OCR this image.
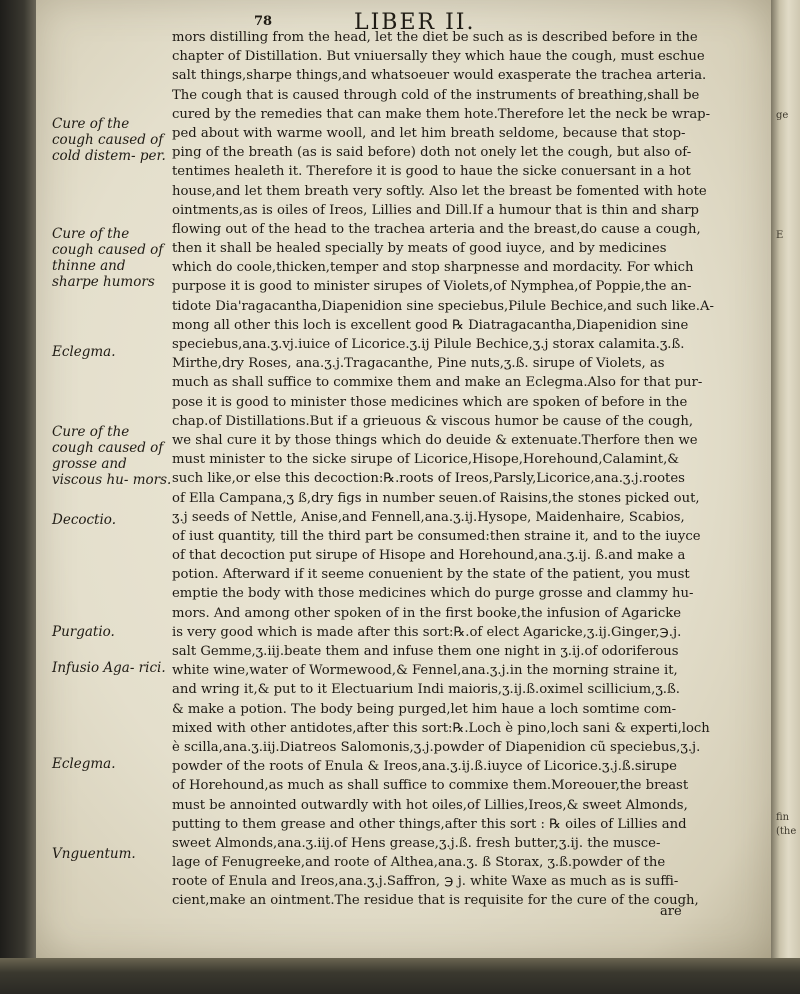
ge
E
fin
(the
78	LIBER II.
Cure of the cough caused of cold distem- per.
Cure of the cough caused of thinne and sharpe humors
Eclegma.
Cure of the cough caused of grosse and viscous hu- mors.
Decoctio.
Purgatio.
Infusio Aga- rici.
Eclegma.
Vnguentum.
mors distilling from the head, let the diet be such as is described before in the
chapter of Distillation. But vniuersally they which haue the cough, must eschue
salt things,sharpe things,and whatsoeuer would exasperate the trachea arteria.
The cough that is caused through cold of the instruments of breathing,shall be
cured by the remedies that can make them hote.Therefore let the neck be wrap-
ped about with warme wooll, and let him breath seldome, because that stop-
ping of the breath (as is said before) doth not onely let the cough, but also of-
tentimes healeth it. Therefore it is good to haue the sicke conuersant in a hot
house,and let them breath very softly. Also let the breast be fomented with hote
ointments,as is oiles of Ireos, Lillies and Dill.If a humour that is thin and sharp
flowing out of the head to the trachea arteria and the breast,do cause a cough,
then it shall be healed specially by meats of good iuyce, and by medicines
which do coole,thicken,temper and stop sharpnesse and mordacity. For which
purpose it is good to minister sirupes of Violets,of Nymphea,of Poppie,the an-
tidote Dia'ragacantha,Diapenidion sine speciebus,Pilule Bechice,and such like.A-
mong all other this loch is excellent good ℞ Diatragacantha,Diapenidion sine
speciebus,ana.ʒ.vj.iuice of Licorice.ʒ.ij Pilule Bechice,ʒ.j storax calamita.ʒ.ß.
Mirthe,dry Roses, ana.ʒ.j.Tragacanthe, Pine nuts,ʒ.ß. sirupe of Violets, as
much as shall suffice to commixe them and make an Eclegma.Also for that pur-
pose it is good to minister those medicines which are spoken of before in the
chap.of Distillations.But if a grieuous & viscous humor be cause of the cough,
we shal cure it by those things which do deuide & extenuate.Therfore then we
must minister to the sicke sirupe of Licorice,Hisope,Horehound,Calamint,&
such like,or else this decoction:℞.roots of Ireos,Parsly,Licorice,ana.ʒ.j.rootes
of Ella Campana,ʒ ß,dry figs in number seuen.of Raisins,the stones picked out,
ʒ.j seeds of Nettle, Anise,and Fennell,ana.ʒ.ij.Hysope, Maidenhaire, Scabios,
of iust quantity, till the third part be consumed:then straine it, and to the iuyce
of that decoction put sirupe of Hisope and Horehound,ana.ʒ.ij. ß.and make a
potion. Afterward if it seeme conuenient by the state of the patient, you must
emptie the body with those medicines which do purge grosse and clammy hu-
mors. And among other spoken of in the first booke,the infusion of Agaricke
is very good which is made after this sort:℞.of elect Agaricke,ʒ.ij.Ginger,℈.j.
salt Gemme,ʒ.iij.beate them and infuse them one night in ʒ.ij.of odoriferous
white wine,water of Wormewood,& Fennel,ana.ʒ.j.in the morning straine it,
and wring it,& put to it Electuarium Indi maioris,ʒ.ij.ß.oximel scillicium,ʒ.ß.
& make a potion. The body being purged,let him haue a loch somtime com-
mixed with other antidotes,after this sort:℞.Loch è pino,loch sani & experti,loch
è scilla,ana.ʒ.iij.Diatreos Salomonis,ʒ.j.powder of Diapenidion cũ speciebus,ʒ.j.
powder of the roots of Enula & Ireos,ana.ʒ.ij.ß.iuyce of Licorice.ʒ.j.ß.sirupe
of Horehound,as much as shall suffice to commixe them.Moreouer,the breast
must be annointed outwardly with hot oiles,of Lillies,Ireos,& sweet Almonds,
putting to them grease and other things,after this sort : ℞ oiles of Lillies and
sweet Almonds,ana.ʒ.iij.of Hens grease,ʒ.j.ß. fresh butter,ʒ.ij. the musce-
lage of Fenugreeke,and roote of Althea,ana.ʒ. ß Storax, ʒ.ß.powder of the
roote of Enula and Ireos,ana.ʒ.j.Saffron, ℈ j. white Waxe as much as is suffi-
cient,make an ointment.The residue that is requisite for the cure of the cough,
are
